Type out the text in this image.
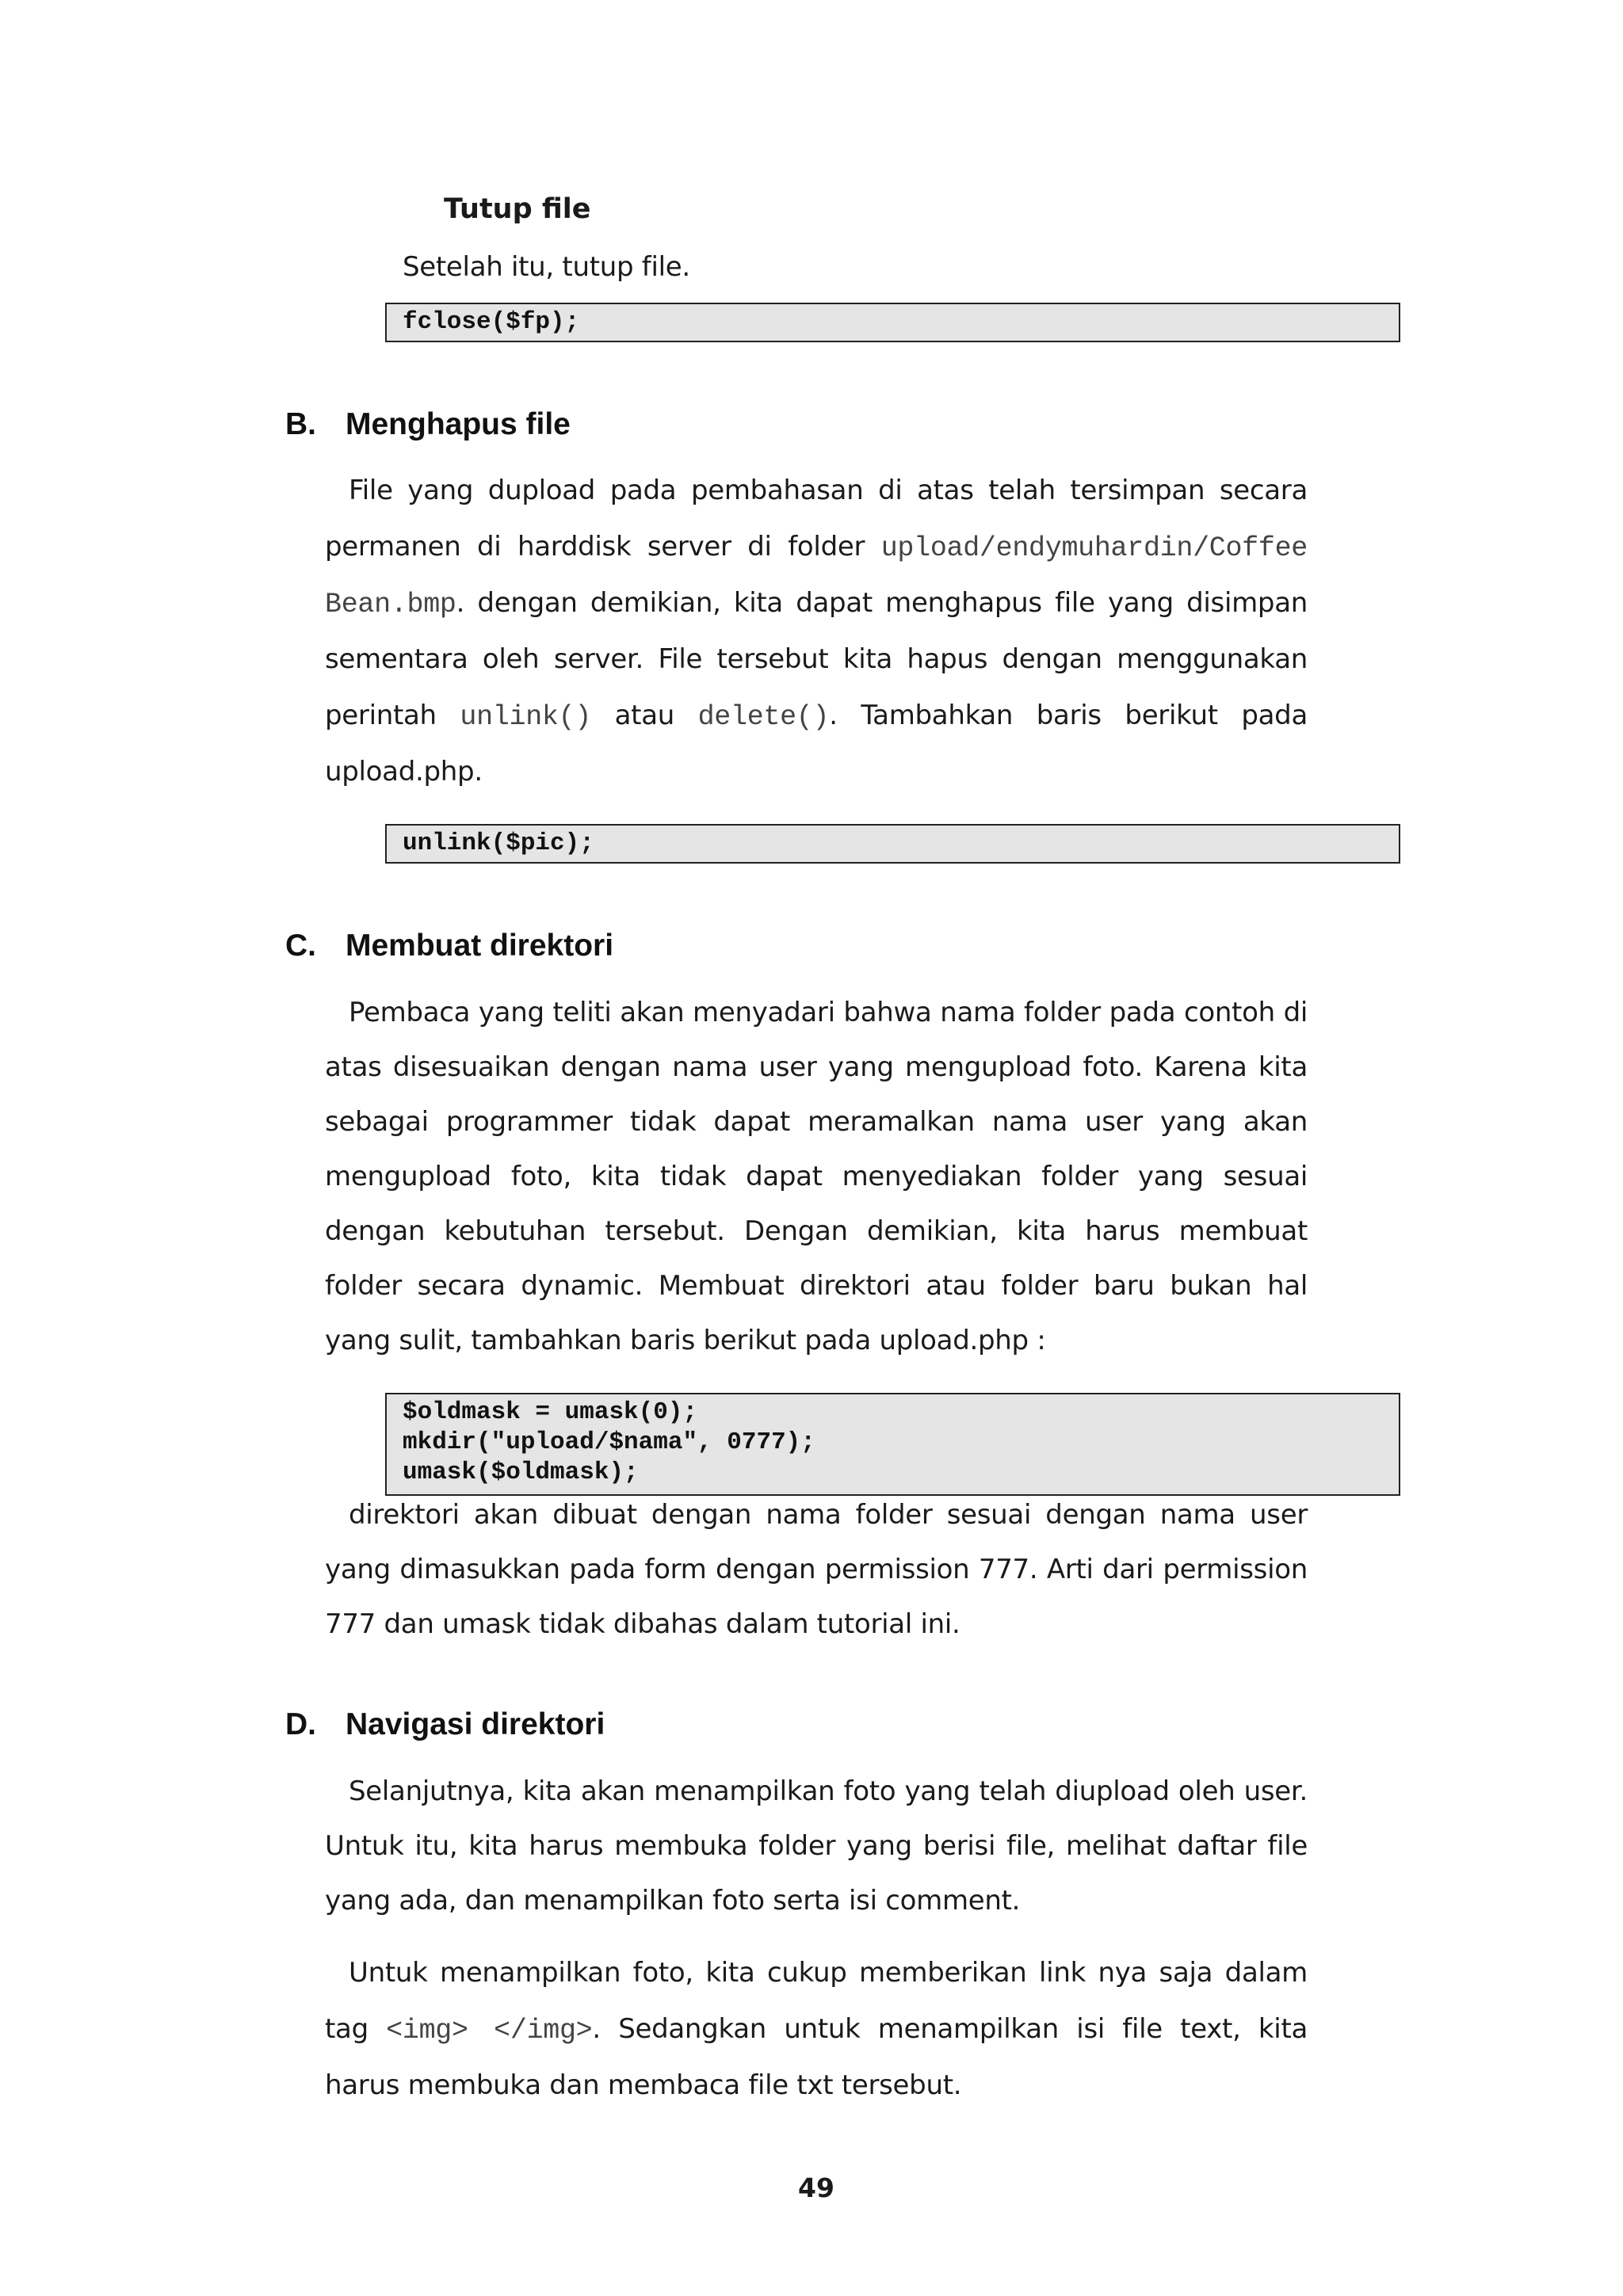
Tutup file
Setelah itu, tutup file.
fclose($fp);
B. Menghapus file
File yang dupload pada pembahasan di atas telah tersimpan secara
permanen di harddisk server di folder upload/endymuhardin/Coffee
Bean.bmp. dengan demikian, kita dapat menghapus file yang disimpan
sementara oleh server. File tersebut kita hapus dengan menggunakan
perintah unlink() atau delete(). Tambahkan baris berikut pada
upload.php.
unlink($pic);
C. Membuat direktori
Pembaca yang teliti akan menyadari bahwa nama folder pada contoh di
atas disesuaikan dengan nama user yang mengupload foto. Karena kita
sebagai programmer tidak dapat meramalkan nama user yang akan
mengupload foto, kita tidak dapat menyediakan folder yang sesuai
dengan kebutuhan tersebut. Dengan demikian, kita harus membuat
folder secara dynamic. Membuat direktori atau folder baru bukan hal
yang sulit, tambahkan baris berikut pada upload.php :
$oldmask = umask(0);
mkdir("upload/$nama", 0777);
umask($oldmask);
direktori akan dibuat dengan nama folder sesuai dengan nama user
yang dimasukkan pada form dengan permission 777. Arti dari permission
777 dan umask tidak dibahas dalam tutorial ini.
D. Navigasi direktori
Selanjutnya, kita akan menampilkan foto yang telah diupload oleh user.
Untuk itu, kita harus membuka folder yang berisi file, melihat daftar file
yang ada, dan menampilkan foto serta isi comment.
Untuk menampilkan foto, kita cukup memberikan link nya saja dalam
tag <img> </img>. Sedangkan untuk menampilkan isi file text, kita
harus membuka dan membaca file txt tersebut.
49
